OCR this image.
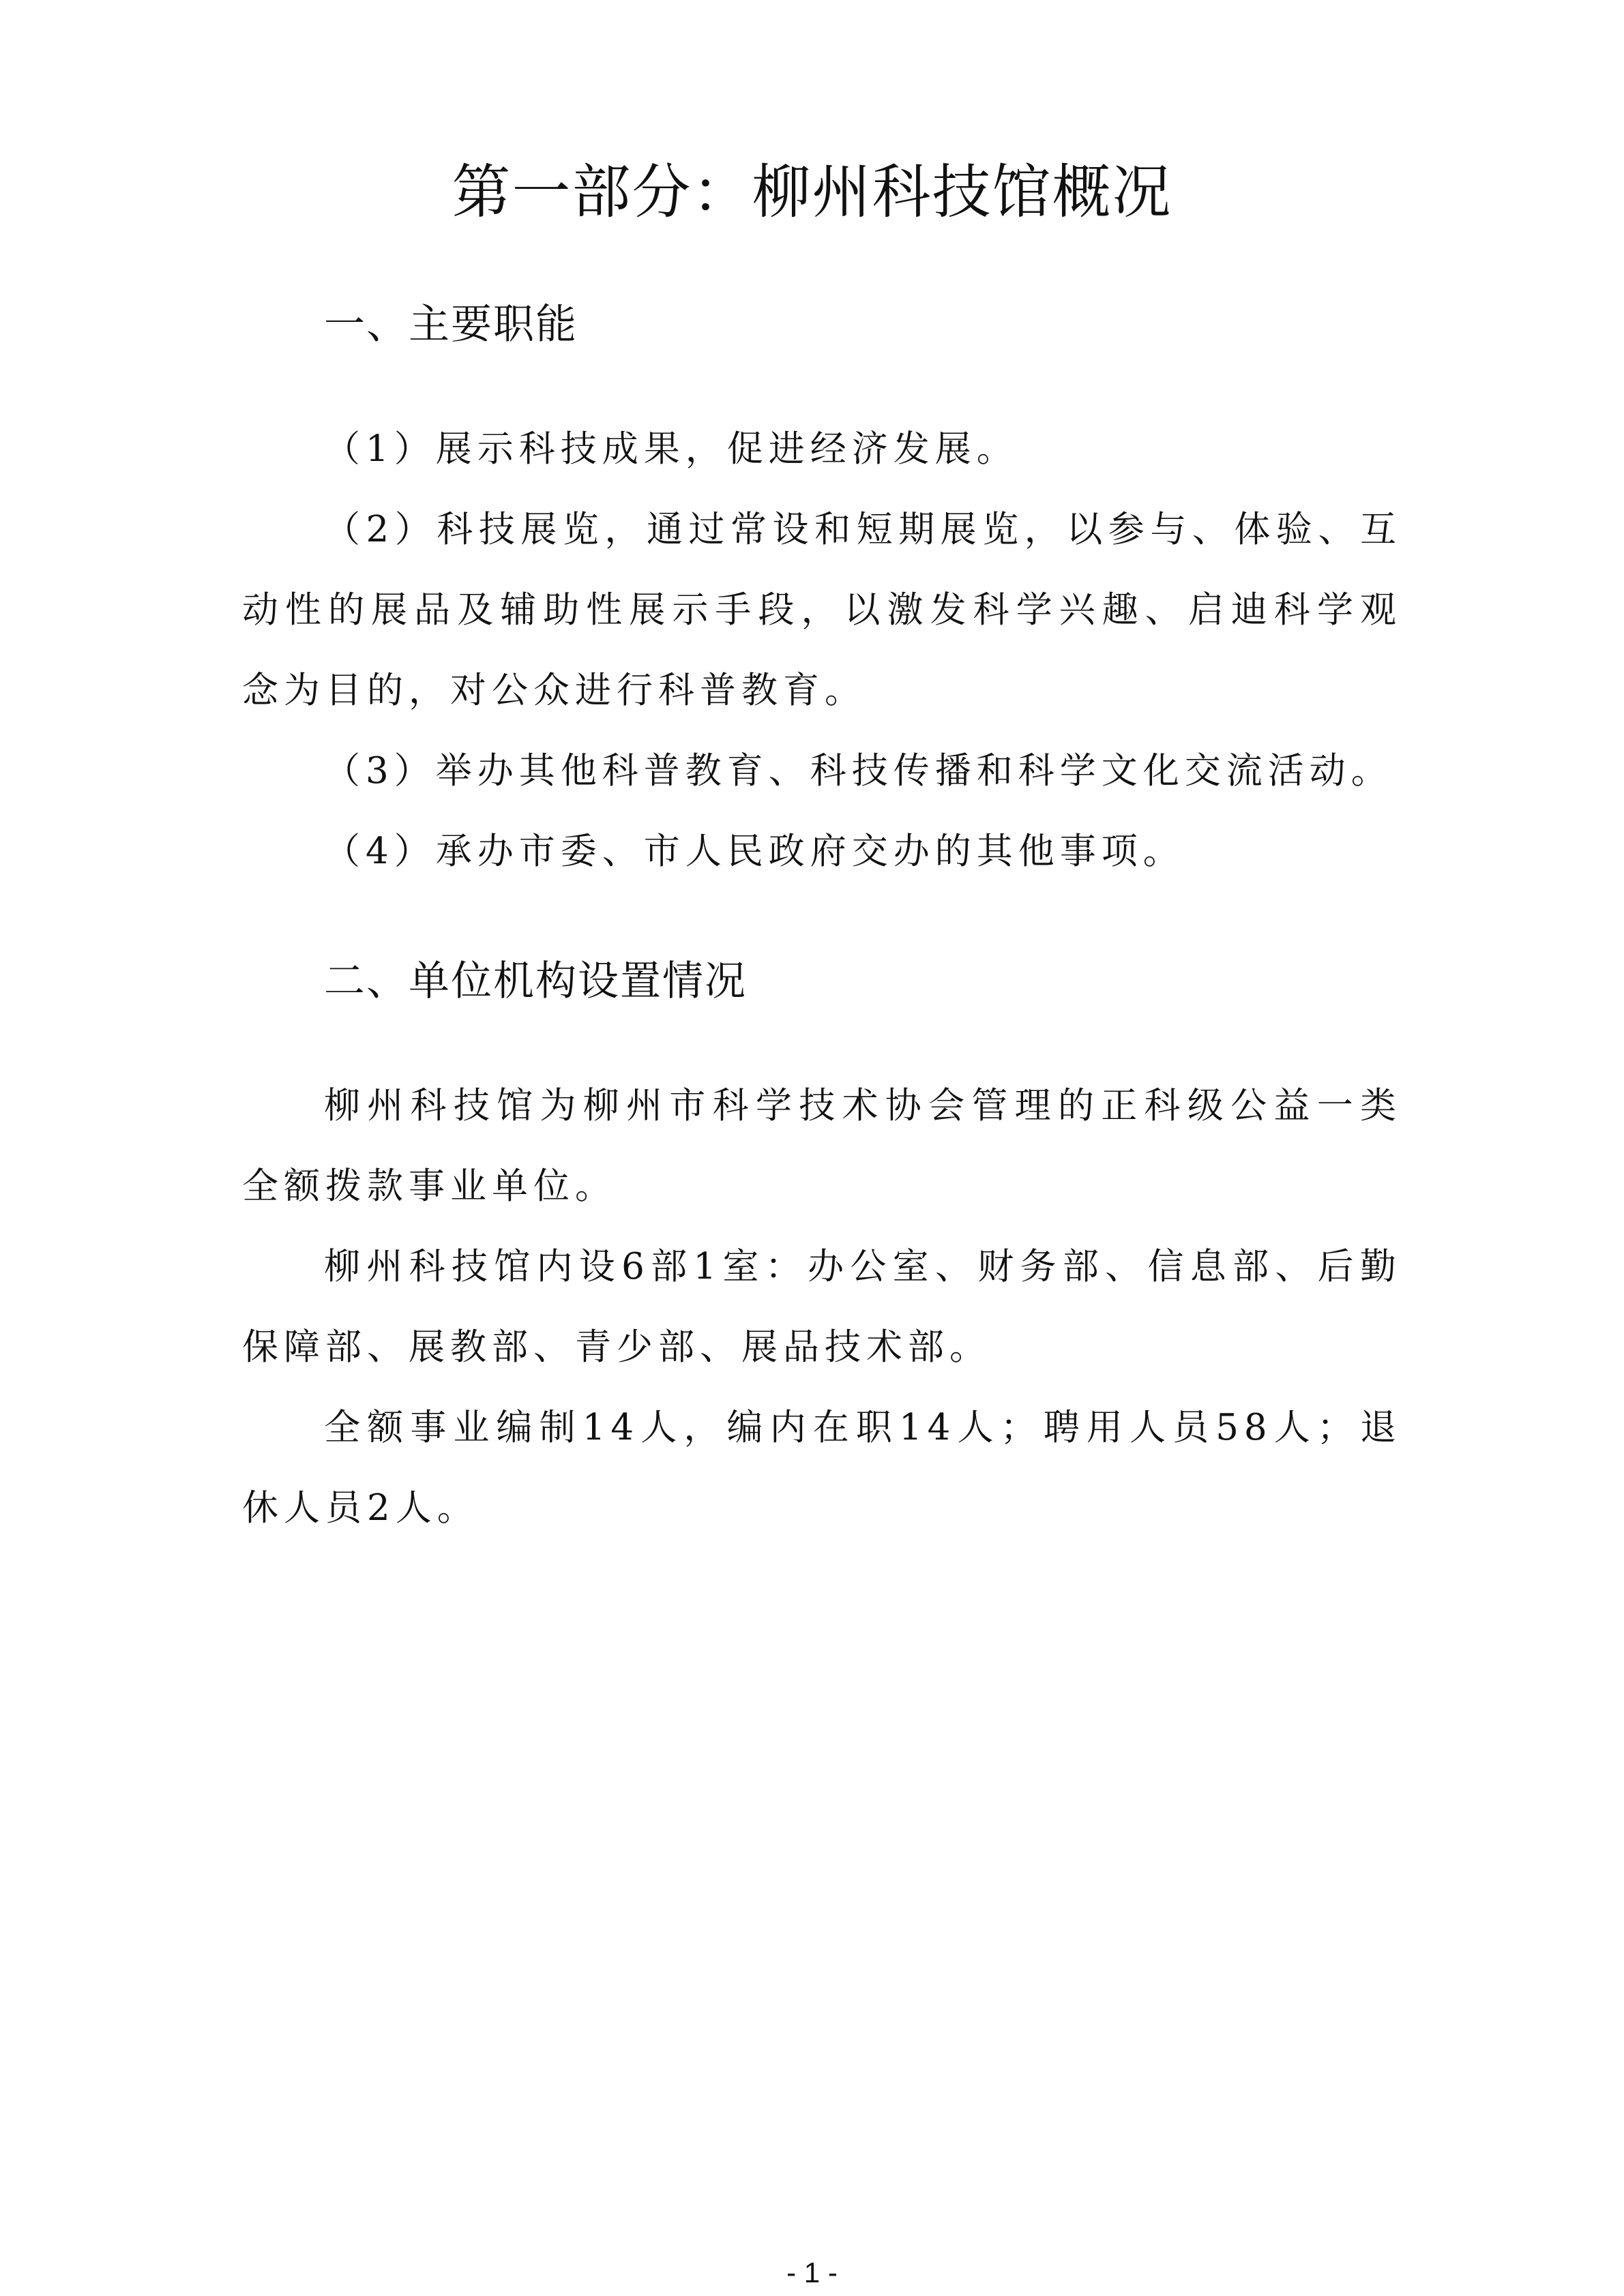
第一部分：柳州科技馆概况
一、主要职能

（1）展示科技成果，促进经济发展。

（2）科技展览，通过常设和短期展览，以参与、体验、互动性的展品及辅助性展示手段，以激发科学兴趣、启迪科学观念为目的，对公众进行科普教育。

（3）举办其他科普教育、科技传播和科学文化交流活动。

（4）承办市委、市人民政府交办的其他事项。

二、单位机构设置情况

柳州科技馆为柳州市科学技术协会管理的正科级公益一类全额拨款事业单位。

柳州科技馆内设6部1室：办公室、财务部、信息部、后勤保障部、展教部、青少部、展品技术部。

全额事业编制14人，编内在职14人；聘用人员58人；退休人员2人。

- 1 -
